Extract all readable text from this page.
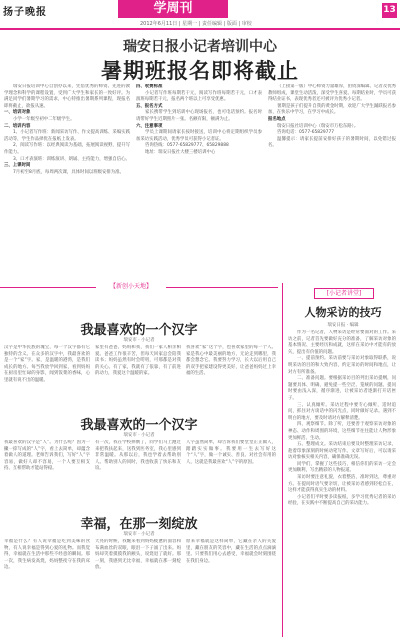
扬子晚报	学周刊
2012年6月11日 | 星期一 | 责任编辑 | 版面 | 审校
13
瑞安日报小记者培训中心
暑期班报名即将截止

瑞安日报培训中心自创办以来，凭借优秀的师资、先进的教学理念和科学的课程设置，受到广大学生和家长的一致好评。为满足同学们暑期学习的需求，中心特推出暑期系列课程，现报名即将截止，欲报从速。

一、培训对象

小学一年级至初中二年级学生。

二、培训内容

1、小记者写作班：新闻采访写作、作文提高训练、采编实践活动等，学生作品择优在报纸上发表。

2、阅读写作班：以经典阅读为基础，拓展阅读视野，提升写作能力。

3、口才表演班：训练演讲、朗诵、主持能力，增强自信心。

三、上课时间

7月初至8月底，每周两次课，具体时间以班级安排为准。

四、收费标准

小记者写作班每期若干元，阅读写作班每期若干元，口才表演班每期若干元，报名两个班以上可享受优惠。

五、报名方式

家长携带学生到培训中心现场报名，也可电话预约。报名时请带好学生近期照片一张。名额有限，额满为止。

六、注意事项

学员上课期间请家长按时接送，培训中心将定期组织学员参加采访实践活动，优秀学员可获得小记者证。

咨询热线：0577-65829777、65829888

地址：瑞安日报社大楼三楼培训中心

（上接第一版）中心师资力量雄厚，由资深编辑、记者及优秀教师组成，课堂生动活泼，深受学生喜爱。每期结业时，学员可获得结业证书，表现优秀者还可被评为优秀小记者。

暑期是孩子们提升自我的黄金时期，欢迎广大学生踊跃报名参加，在快乐中学习，在学习中成长。

报名地点

瑞安日报社培训中心（瑞安市万松东路）。

咨询电话：0577-65829777

温馨提示：请家长提前安排好孩子的暑期时间，以免错过报名。

【新创小天地】
我最喜欢的一个汉字
瑞安市 · 小记者
汉字是中华民族的瑰宝，每一个汉字都有它独特的含义。在众多的汉字中，我最喜欢的是一个“家”字。家，是温暖的港湾，是我们成长的地方。每当我放学回到家，看到妈妈在厨房里忙碌的身影，闻到饭菜的香味，心里就有说不出的温暖。
家里有爸爸、妈妈和我，我们一家人相亲相爱。爸爸工作很辛苦，但每天回家总会陪我读书；妈妈虽然有时会唠叨，可那都是对我的关心。有了家，我就有了依靠，有了前进的动力，我爱这个温暖的家。
我喜欢“家”这个字，也喜欢家里的每一个人。家是我心中最美丽的地方，无论走到哪里，我都会想念它。我要努力学习，长大以后用自己的双手把家建设得更美好，让爸爸妈妈过上幸福的生活。
我最喜欢的一个汉字
瑞安市 · 小记者
我最喜欢的汉字是“人”。为什么呢？因为一撇一捺写成的“人”字，看上去简单，却蕴含着做人的道理。老师告诉我们，写好“人”字容易，做好人却不容易，一个人要互相支持、互相帮助才能站得稳。
有一次，我在学校摔倒了，同学们马上跑过来把我扶起来，送我到医务室，我心里感到非常温暖。从那以后，我也学着去帮助别人。帮助别人的同时，我也收获了快乐和友谊。
人字虽然简单，却告诉我们要堂堂正正做人，踏踏实实做事。我要用一生去写好这个“人”字，做一个诚实、善良、对社会有用的人，这就是我最喜欢“人”字的原因。
幸福，在那一刻绽放
瑞安市 · 小记者
幸福是什么？有人说幸福是吃到美味的食物，有人说幸福是得到心爱的礼物。而我觉得，幸福就在生活中那些不经意的瞬间。那一次，我生病发高烧，妈妈整夜守在我的床边。
天亮的时候，我醒来看到妈妈疲惫的面容和布满血丝的双眼，眼泪一下子涌了出来。妈妈却笑着摸摸我的额头，说烧退了就好。那一刻，我感到无比幸福，幸福就在那一刻绽放。
原来幸福就是这样简单，它藏在亲人的关爱里，藏在朋友的笑容中，藏在生活的点点滴滴里。只要我们用心去感受，幸福就会时刻围绕在我们身边。
[小记者讲堂]
人物采访的技巧
瑞安日报 · 编辑

作为一名记者，人物采访是经常要面对的工作。采访之前，记者首先要做好充分的准备，了解采访对象的基本情况、主要经历和成就，这样在采访中才能有的放矢，提出有价值的问题。

一、提前预约。采访前要与采访对象取得联系，说明采访的目的和大致内容，约定采访的时间和地点，让对方有所准备。

二、准备问题。要根据采访目的列出采访提纲，问题要具体、明确，避免提一些空泛、笼统的问题。提问时要由浅入深，循序渐进，让被采访者逐渐打开话匣子。

三、认真倾听。采访过程中要专心倾听，适时追问，抓住对方谈话中的闪光点，同时做好记录。遇到不明白的地方，要及时请对方解释清楚。

四、观察细节。除了听，还要善于观察采访对象的神态、动作和周围的环境，这些细节往往能让人物形象更加鲜活、生动。

五、整理成文。采访结束后要及时整理采访记录，趁着印象深刻的时候动笔写作。文章写好后，可以请采访对象核实相关内容，确保准确无误。

同学们，掌握了这些技巧，相信你们的采访一定会更加顺利，写出精彩的人物报道。

采访时要注意礼貌，衣着整洁，准时到达，尊重对方。在提问时语气要亲切，让被采访者感到轻松自在，这样才能获得真实生动的材料。

小记者们平时要多读报纸，多学习优秀记者的采访经验，在实践中不断提高自己的采访能力。
